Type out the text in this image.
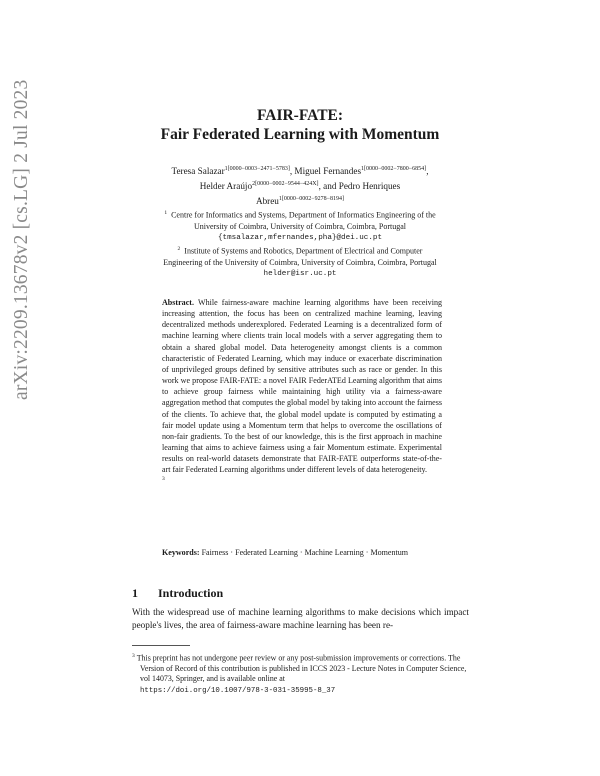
arXiv:2209.13678v2 [cs.LG] 2 Jul 2023	FAIR-FATE:
Fair Federated Learning with Momentum
Teresa Salazar$^{1[0000-0003-2471-5783]}$, Miguel Fernandes$^{1[0000-0002-7800-6854]}$,
Helder Araújo$^{2[0000-0002-9544-424X]}$, and Pedro Henriques
Abreu$^{1[0000-0002-9278-8194]}$
$^1$ Centre for Informatics and Systems, Department of Informatics Engineering of the
University of Coimbra, University of Coimbra, Coimbra, Portugal
{tmsalazar,mfernandes,pha}@dei.uc.pt
$^2$ Institute of Systems and Robotics, Department of Electrical and Computer
Engineering of the University of Coimbra, University of Coimbra, Coimbra, Portugal
helder@isr.uc.pt
Abstract. While fairness-aware machine learning algorithms have been receiving increasing attention, the focus has been on centralized machine learning, leaving decentralized methods underexplored. Federated Learning is a decentralized form of machine learning where clients train local models with a server aggregating them to obtain a shared global model. Data heterogeneity amongst clients is a common characteristic of Federated Learning, which may induce or exacerbate discrimination of unprivileged groups defined by sensitive attributes such as race or gender. In this work we propose FAIR-FATE: a novel FAIR FederATEd Learning algorithm that aims to achieve group fairness while maintaining high utility via a fairness-aware aggregation method that computes the global model by taking into account the fairness of the clients. To achieve that, the global model update is computed by estimating a fair model update using a Momentum term that helps to overcome the oscillations of non-fair gradients. To the best of our knowledge, this is the first approach in machine learning that aims to achieve fairness using a fair Momentum estimate. Experimental results on real-world datasets demonstrate that FAIR-FATE outperforms state-of-the-art fair Federated Learning algorithms under different levels of data heterogeneity.
3
Keywords: Fairness · Federated Learning · Machine Learning · Momentum
1 Introduction
With the widespread use of machine learning algorithms to make decisions which impact people's lives, the area of fairness-aware machine learning has been re-
$^3$ This preprint has not undergone peer review or any post-submission improvements or corrections. The Version of Record of this contribution is published in ICCS 2023 - Lecture Notes in Computer Science, vol 14073, Springer, and is available online at
https://doi.org/10.1007/978-3-031-35995-8_37
